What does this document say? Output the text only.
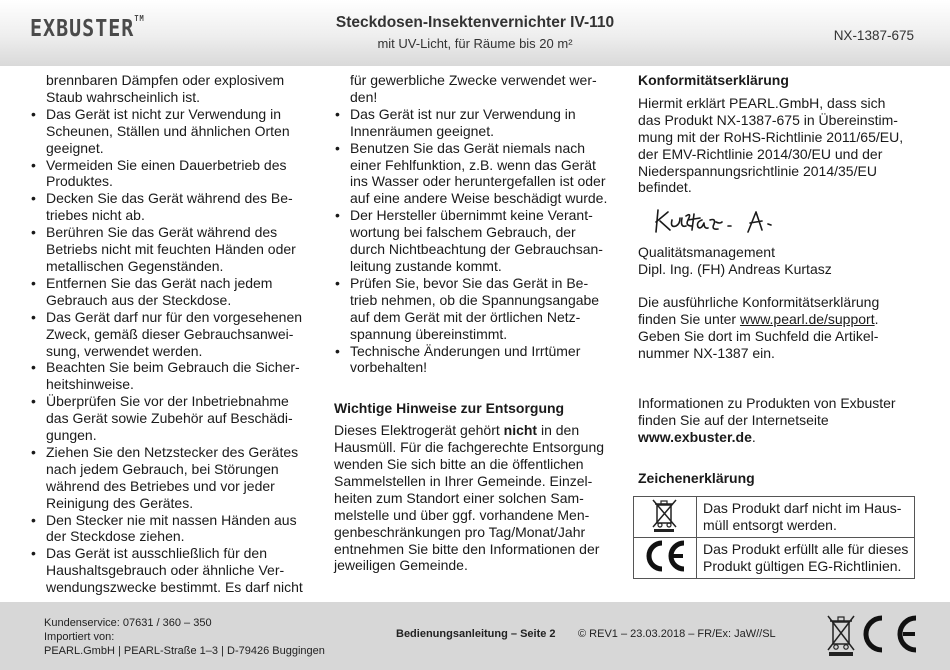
EXBUSTER™	Steckdosen-Insektenvernichter IV-110
mit UV-Licht, für Räume bis 20 m²
NX-1387-675
brennbaren Dämpfen oder explosivem
Staub wahrscheinlich ist.
• Das Gerät ist nicht zur Verwendung in
Scheunen, Ställen und ähnlichen Orten
geeignet.
• Vermeiden Sie einen Dauerbetrieb des
Produktes.
• Decken Sie das Gerät während des Be-
triebes nicht ab.
• Berühren Sie das Gerät während des
Betriebs nicht mit feuchten Händen oder
metallischen Gegenständen.
• Entfernen Sie das Gerät nach jedem
Gebrauch aus der Steckdose.
• Das Gerät darf nur für den vorgesehenen
Zweck, gemäß dieser Gebrauchsanwei-
sung, verwendet werden.
• Beachten Sie beim Gebrauch die Sicher-
heitshinweise.
• Überprüfen Sie vor der Inbetriebnahme
das Gerät sowie Zubehör auf Beschädi-
gungen.
• Ziehen Sie den Netzstecker des Gerätes
nach jedem Gebrauch, bei Störungen
während des Betriebes und vor jeder
Reinigung des Gerätes.
• Den Stecker nie mit nassen Händen aus
der Steckdose ziehen.
• Das Gerät ist ausschließlich für den
Haushaltsgebrauch oder ähnliche Ver-
wendungszwecke bestimmt. Es darf nicht
für gewerbliche Zwecke verwendet wer-
den!
• Das Gerät ist nur zur Verwendung in
Innenräumen geeignet.
• Benutzen Sie das Gerät niemals nach
einer Fehlfunktion, z.B. wenn das Gerät
ins Wasser oder heruntergefallen ist oder
auf eine andere Weise beschädigt wurde.
• Der Hersteller übernimmt keine Verant-
wortung bei falschem Gebrauch, der
durch Nichtbeachtung der Gebrauchsan-
leitung zustande kommt.
• Prüfen Sie, bevor Sie das Gerät in Be-
trieb nehmen, ob die Spannungsangabe
auf dem Gerät mit der örtlichen Netz-
spannung übereinstimmt.
• Technische Änderungen und Irrtümer
vorbehalten!
Wichtige Hinweise zur Entsorgung
Dieses Elektrogerät gehört nicht in den
Hausmüll. Für die fachgerechte Entsorgung
wenden Sie sich bitte an die öffentlichen
Sammelstellen in Ihrer Gemeinde. Einzel-
heiten zum Standort einer solchen Sam-
melstelle und über ggf. vorhandene Men-
genbeschränkungen pro Tag/Monat/Jahr
entnehmen Sie bitte den Informationen der
jeweiligen Gemeinde.
Konformitätserklärung
Hiermit erklärt PEARL.GmbH, dass sich
das Produkt NX-1387-675 in Übereinstim-
mung mit der RoHS-Richtlinie 2011/65/EU,
der EMV-Richtlinie 2014/30/EU und der
Niederspannungsrichtlinie 2014/35/EU
befindet.
Qualitätsmanagement
Dipl. Ing. (FH) Andreas Kurtasz
Die ausführliche Konformitätserklärung
finden Sie unter www.pearl.de/support.
Geben Sie dort im Suchfeld die Artikel-
nummer NX-1387 ein.
Informationen zu Produkten von Exbuster
finden Sie auf der Internetseite
www.exbuster.de.
Zeichenerklärung

Das Produkt darf nicht im Haus-
müll entsorgt werden.

Das Produkt erfüllt alle für dieses
Produkt gültigen EG-Richtlinien.
Kundenservice: 07631 / 360 – 350
Importiert von:
PEARL.GmbH | PEARL-Straße 1–3 | D-79426 Buggingen
Bedienungsanleitung – Seite 2 © REV1 – 23.03.2018 – FR/Ex: JaW//SL
